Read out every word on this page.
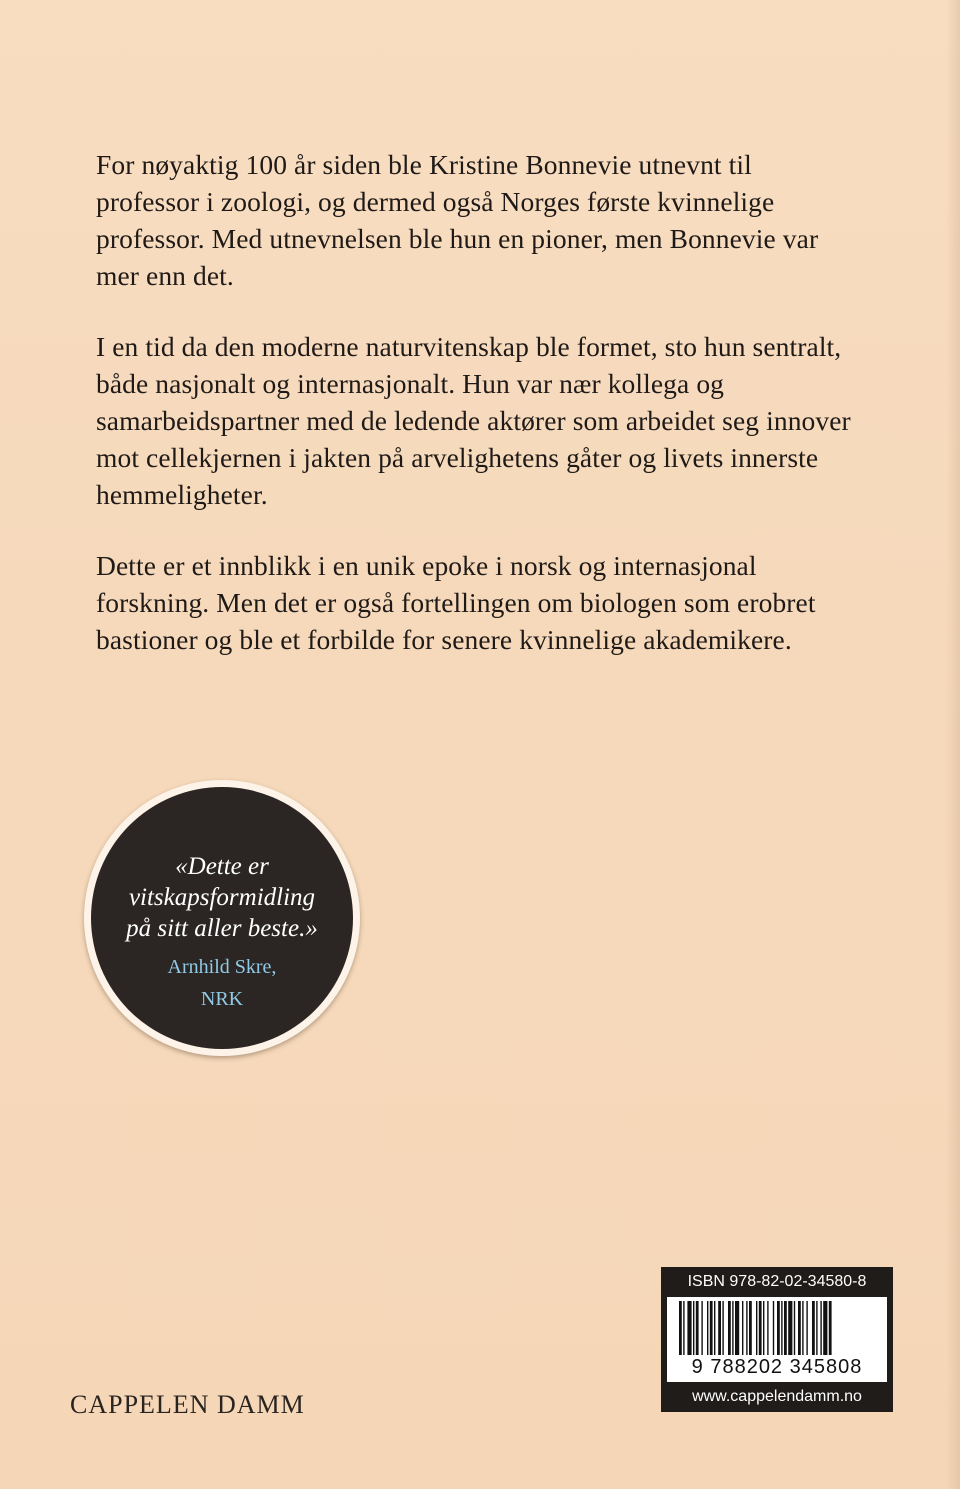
For nøyaktig 100 år siden ble Kristine Bonnevie utnevnt til professor i zoologi, og dermed også Norges første kvinnelige professor. Med utnevnelsen ble hun en pioner, men Bonnevie var mer enn det.

I en tid da den moderne naturvitenskap ble formet, sto hun sentralt, både nasjonalt og internasjonalt. Hun var nær kollega og samarbeidspartner med de ledende aktører som arbeidet seg innover mot cellekjernen i jakten på arvelighetens gåter og livets innerste hemmeligheter.

Dette er et innblikk i en unik epoke i norsk og internasjonal forskning. Men det er også fortellingen om biologen som erobret bastioner og ble et forbilde for senere kvinnelige akademikere.

«Dette er
vitskapsformidling
på sitt aller beste.»
Arnhild Skre,
NRK
CAPPELEN DAMM
ISBN 978-82-02-34580-8
9 788202 345808
www.cappelendamm.no
